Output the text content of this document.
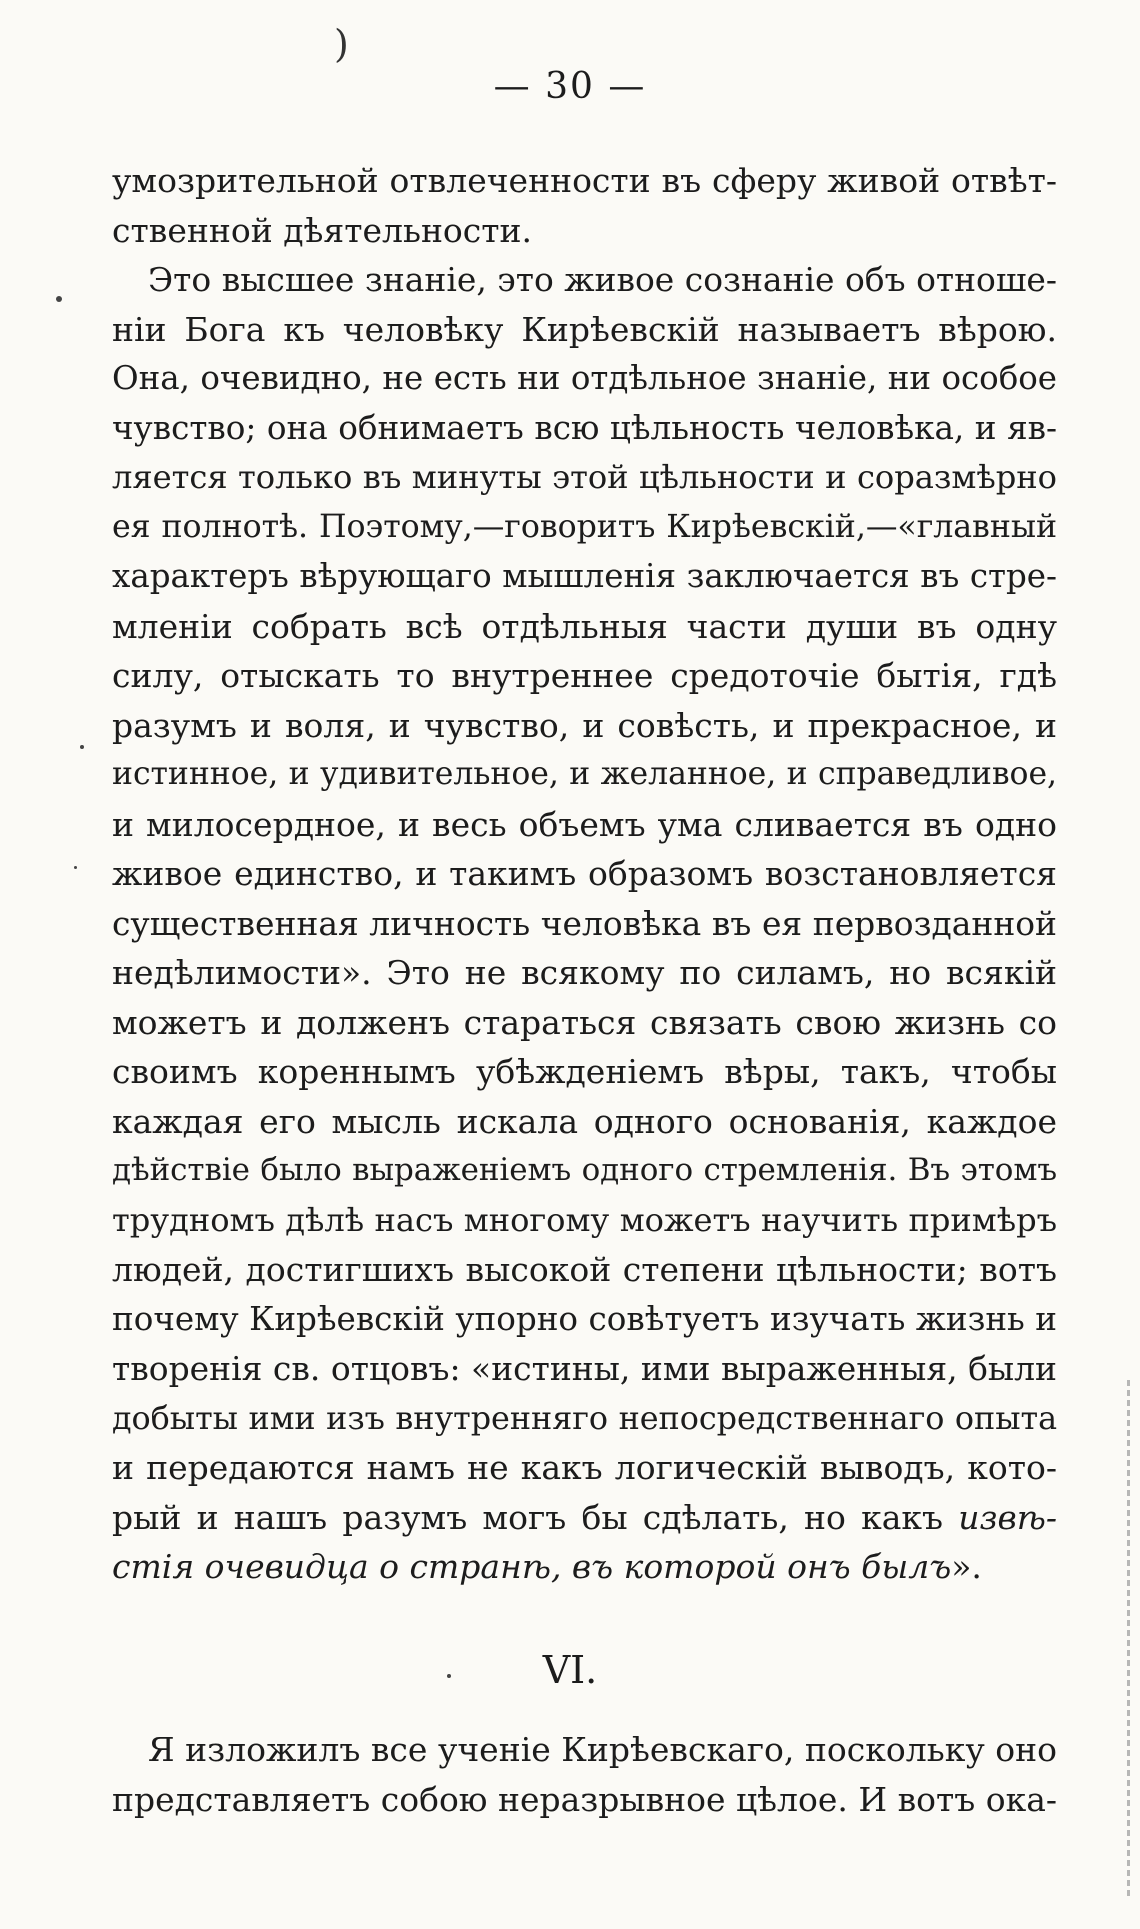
)
— 30 —
умозрительной отвлеченности въ сферу живой отвѣт-
ственной дѣятельности.
Это высшее знаніе, это живое сознаніе объ отноше-
ніи Бога къ человѣку Кирѣевскій называетъ вѣрою.
Она, очевидно, не есть ни отдѣльное знаніе, ни особое
чувство; она обнимаетъ всю цѣльность человѣка, и яв-
ляется только въ минуты этой цѣльности и соразмѣрно
ея полнотѣ. Поэтому,—говоритъ Кирѣевскій,—«главный
характеръ вѣрующаго мышленія заключается въ стре-
мленіи собрать всѣ отдѣльныя части души въ одну
силу, отыскать то внутреннее средоточіе бытія, гдѣ
разумъ и воля, и чувство, и совѣсть, и прекрасное, и
истинное, и удивительное, и желанное, и справедливое,
и милосердное, и весь объемъ ума сливается въ одно
живое единство, и такимъ образомъ возстановляется
существенная личность человѣка въ ея первозданной
недѣлимости». Это не всякому по силамъ, но всякій
можетъ и долженъ стараться связать свою жизнь со
своимъ кореннымъ убѣжденіемъ вѣры, такъ, чтобы
каждая его мысль искала одного основанія, каждое
дѣйствіе было выраженіемъ одного стремленія. Въ этомъ
трудномъ дѣлѣ насъ многому можетъ научить примѣръ
людей, достигшихъ высокой степени цѣльности; вотъ
почему Кирѣевскій упорно совѣтуетъ изучать жизнь и
творенія св. отцовъ: «истины, ими выраженныя, были
добыты ими изъ внутренняго непосредственнаго опыта
и передаются намъ не какъ логическій выводъ, кото-
рый и нашъ разумъ могъ бы сдѣлать, но какъ извѣ-
стія очевидца о странѣ, въ которой онъ былъ».
VI.
Я изложилъ все ученіе Кирѣевскаго, поскольку оно
представляетъ собою неразрывное цѣлое. И вотъ ока-
